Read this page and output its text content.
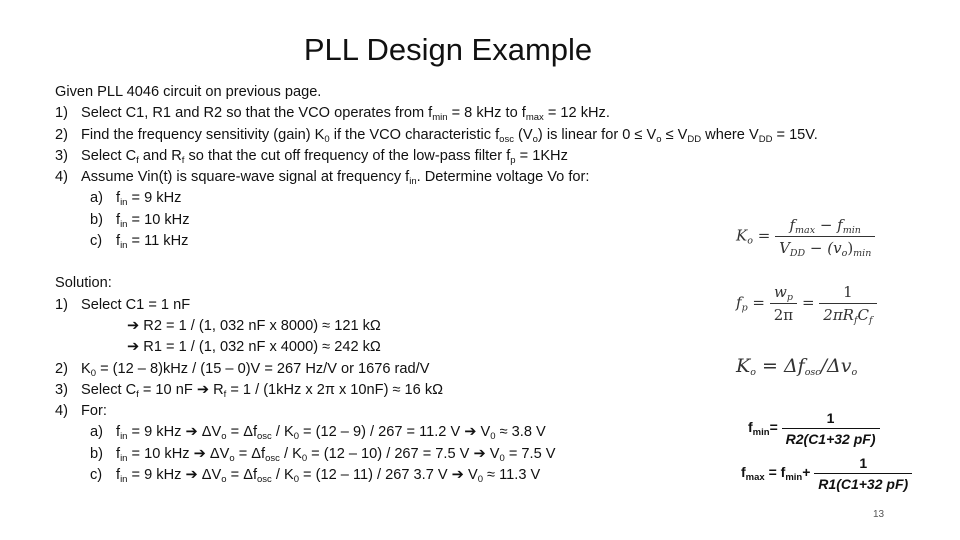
PLL Design Example
Given PLL 4046 circuit on previous page.
1) Select C1, R1 and R2 so that the VCO operates from $f_{min} = 8$ kHz to $f_{max} = 12$ kHz.
2) Find the frequency sensitivity (gain) $K_0$ if the VCO characteristic $f_{osc}$ $(V_o)$ is linear for $0 \le V_o \le V_{DD}$ where $V_{DD} = 15V$.
3) Select $C_f$ and $R_f$ so that the cut off frequency of the low-pass filter $f_p = 1KHz$
4) Assume Vin(t) is square-wave signal at frequency $f_{in}$. Determine voltage Vo for:
a) $f_{in} = 9$ kHz
b) $f_{in} = 10$ kHz
c) $f_{in} = 11$ kHz
Solution:
1) Select C1 = 1 nF
➔ R2 = 1 / (1, 032 nF x 8000) ≈ 121 kΩ
➔ R1 = 1 / (1, 032 nF x 4000) ≈ 242 kΩ
2) $K_0 = (12 - 8)kHz / (15 - 0)V = 267$ Hz/V or 1676 rad/V
3) Select $C_f = 10$ nF ➔ $R_f = 1 / (1kHz$ x 2π x 10nF) ≈ 16 kΩ
4) For:
a) $f_{in} = 9$ kHz ➔ $\Delta V_o = \Delta f_{osc} / K_0 = (12 - 9) / 267 = 11.2$ V ➔ $V_0 \approx 3.8$ V
b) $f_{in} = 10$ kHz ➔ $\Delta V_o = \Delta f_{osc} / K_0 = (12 - 10) / 267 = 7.5$ V ➔ $V_0 = 7.5$ V
c) $f_{in} = 9$ kHz ➔ $\Delta V_o = \Delta f_{osc} / K_0 = (12 - 11) / 267$ 3.7 V ➔ $V_0 \approx 11.3$ V
$K_o = \frac{f_{max} - f_{min}}{V_{DD} - (v_o)_{min}}$
$f_p = \frac{w_p}{2\pi} = \frac{1}{2\pi R_fC_f}$
$K_o = \Delta f_{osc}/\Delta v_o$
$f_{min}= \frac{1}{R2(C1+32 pF)}$
$f_{max} = f_{min}+ \frac{1}{R1(C1+32 pF)}$
13
